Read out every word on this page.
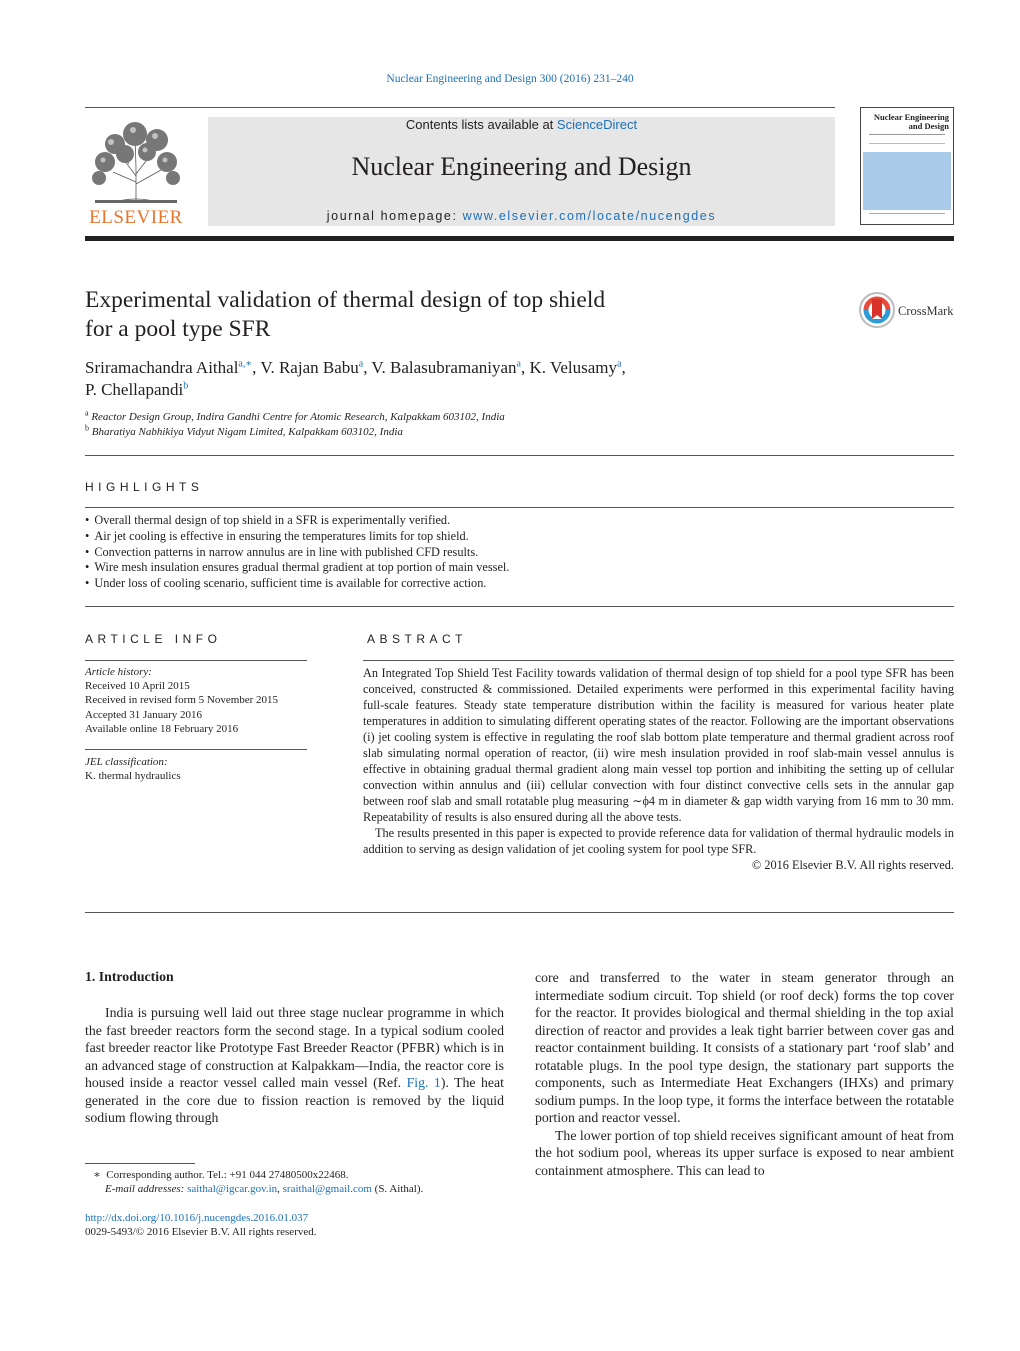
Nuclear Engineering and Design 300 (2016) 231–240
ELSEVIER
Contents lists available at ScienceDirect
Nuclear Engineering and Design
journal homepage: www.elsevier.com/locate/nucengdes
Nuclear Engineering
and Design
Experimental validation of thermal design of top shield
for a pool type SFR
CrossMark
Sriramachandra Aithal$^{a,∗}$, V. Rajan Babu$^a$, V. Balasubramaniyan$^a$, K. Velusamy$^a$,
P. Chellapandi$^b$
$^a$ Reactor Design Group, Indira Gandhi Centre for Atomic Research, Kalpakkam 603102, India
$^b$ Bharatiya Nabhikiya Vidyut Nigam Limited, Kalpakkam 603102, India
HIGHLIGHTS
• Overall thermal design of top shield in a SFR is experimentally verified.
• Air jet cooling is effective in ensuring the temperatures limits for top shield.
• Convection patterns in narrow annulus are in line with published CFD results.
• Wire mesh insulation ensures gradual thermal gradient at top portion of main vessel.
• Under loss of cooling scenario, sufficient time is available for corrective action.
ARTICLE INFO
Article history:
Received 10 April 2015
Received in revised form 5 November 2015
Accepted 31 January 2016
Available online 18 February 2016
JEL classification:
K. thermal hydraulics
ABSTRACT

An Integrated Top Shield Test Facility towards validation of thermal design of top shield for a pool type SFR has been conceived, constructed & commissioned. Detailed experiments were performed in this experimental facility having full-scale features. Steady state temperature distribution within the facility is measured for various heater plate temperatures in addition to simulating different operating states of the reactor. Following are the important observations (i) jet cooling system is effective in regulating the roof slab bottom plate temperature and thermal gradient across roof slab simulating normal operation of reactor, (ii) wire mesh insulation provided in roof slab-main vessel annulus is effective in obtaining gradual thermal gradient along main vessel top portion and inhibiting the setting up of cellular convection within annulus and (iii) cellular convection with four distinct convective cells sets in the annular gap between roof slab and small rotatable plug measuring ∼ϕ4 m in diameter & gap width varying from 16 mm to 30 mm. Repeatability of results is also ensured during all the above tests.

The results presented in this paper is expected to provide reference data for validation of thermal hydraulic models in addition to serving as design validation of jet cooling system for pool type SFR.

© 2016 Elsevier B.V. All rights reserved.

1. Introduction

India is pursuing well laid out three stage nuclear programme in which the fast breeder reactors form the second stage. In a typical sodium cooled fast breeder reactor like Prototype Fast Breeder Reactor (PFBR) which is in an advanced stage of construction at Kalpakkam—India, the reactor core is housed inside a reactor vessel called main vessel (Ref. Fig. 1). The heat generated in the core due to fission reaction is removed by the liquid sodium flowing through

core and transferred to the water in steam generator through an intermediate sodium circuit. Top shield (or roof deck) forms the top cover for the reactor. It provides biological and thermal shielding in the top axial direction of reactor and provides a leak tight barrier between cover gas and reactor containment building. It consists of a stationary part ‘roof slab’ and rotatable plugs. In the pool type design, the stationary part supports the components, such as Intermediate Heat Exchangers (IHXs) and primary sodium pumps. In the loop type, it forms the interface between the rotatable portion and reactor vessel.

The lower portion of top shield receives significant amount of heat from the hot sodium pool, whereas its upper surface is exposed to near ambient containment atmosphere. This can lead to

∗ Corresponding author. Tel.: +91 044 27480500x22468.
E-mail addresses: saithal@igcar.gov.in, sraithal@gmail.com (S. Aithal).
http://dx.doi.org/10.1016/j.nucengdes.2016.01.037
0029-5493/© 2016 Elsevier B.V. All rights reserved.
